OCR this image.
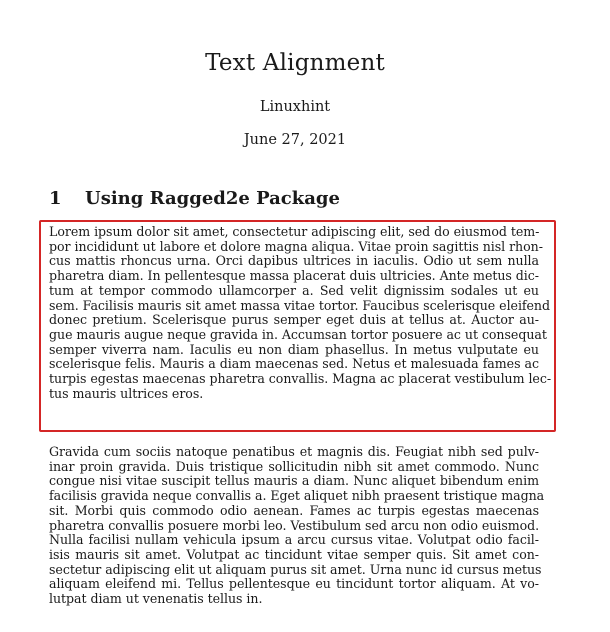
Text Alignment
Linuxhint
June 27, 2021
1 Using Ragged2e Package
Lorem ipsum dolor sit amet, consectetur adipiscing elit, sed do eiusmod tem-
por incididunt ut labore et dolore magna aliqua. Vitae proin sagittis nisl rhon-
cus mattis rhoncus urna. Orci dapibus ultrices in iaculis. Odio ut sem nulla
pharetra diam. In pellentesque massa placerat duis ultricies. Ante metus dic-
tum at tempor commodo ullamcorper a. Sed velit dignissim sodales ut eu
sem. Facilisis mauris sit amet massa vitae tortor. Faucibus scelerisque eleifend
donec pretium. Scelerisque purus semper eget duis at tellus at. Auctor au-
gue mauris augue neque gravida in. Accumsan tortor posuere ac ut consequat
semper viverra nam. Iaculis eu non diam phasellus. In metus vulputate eu
scelerisque felis. Mauris a diam maecenas sed. Netus et malesuada fames ac
turpis egestas maecenas pharetra convallis. Magna ac placerat vestibulum lec-
tus mauris ultrices eros.
Gravida cum sociis natoque penatibus et magnis dis. Feugiat nibh sed pulv-
inar proin gravida. Duis tristique sollicitudin nibh sit amet commodo. Nunc
congue nisi vitae suscipit tellus mauris a diam. Nunc aliquet bibendum enim
facilisis gravida neque convallis a. Eget aliquet nibh praesent tristique magna
sit. Morbi quis commodo odio aenean. Fames ac turpis egestas maecenas
pharetra convallis posuere morbi leo. Vestibulum sed arcu non odio euismod.
Nulla facilisi nullam vehicula ipsum a arcu cursus vitae. Volutpat odio facil-
isis mauris sit amet. Volutpat ac tincidunt vitae semper quis. Sit amet con-
sectetur adipiscing elit ut aliquam purus sit amet. Urna nunc id cursus metus
aliquam eleifend mi. Tellus pellentesque eu tincidunt tortor aliquam. At vo-
lutpat diam ut venenatis tellus in.
